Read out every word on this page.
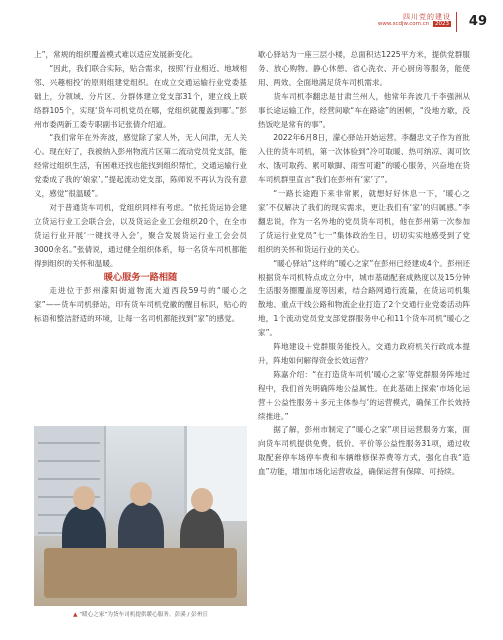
四川党的建设
www.scdjw.com.cn 2023 49

上”，常规的组织覆盖模式难以适应发展新变化。

“因此，我们联合实际，贴合需求，按照‘行业相近、地域相邻、兴趣相投’的原则组建党组织。在成立交通运输行业党委基础上，分领域、分片区、分群体建立党支部31个，建立线上联络群105个，实现‘货车司机党员在哪，党组织就覆盖到哪’。”彭州市委两新工委专职副书记张倩介绍道。

“我们常年在外奔波，感觉除了家人外，无人问津，无人关心。现在好了，我被纳入彭州物流片区第二流动党员党支部，能经常过组织生活，有困难还找也能找到组织帮忙，交通运输行业党委成了我的‘娘家’。”提起流动党支部，陈师说不再认为没有意义，感觉“很温暖”。

对于普通货车司机，党组织同样有考虑。“依托货运协会建立货运行业工会联合会，以及货运企业工会组织20个，在全市货运行业开展‘一键找寻入会’，聚合发展货运行业工会会员3000余名。”张倩说，通过健全组织体系，每一名货车司机都能得到组织的关怀和温暖。

暖心服务一路相随

走进位于彭州濛阳街道物流大道西段59号的“暖心之家”——货车司机驿站，印有货车司机党徽的醒目标识，贴心的标语和整洁舒适的环境，让每一名司机都能找到“家”的感觉。

▲ “暖心之家”为货车司机提供暖心服务。彭溪 / 彭州宣

歇心驿站为一座三层小楼，总面积达1225平方米，提供党群服务、放心购物、静心休憩、省心洗衣、开心厨房等服务，能使用、两效、全面地满足货车司机需求。

货车司机李翻忠是甘肃兰州人，他常年奔波几千李强洲从事长途运输工作，经营间歇“车在路途”的困顿，“没地方歇，没热饭吃是常有的事”。

2022年6月8日，濛心驿站开始运营。李翻忠文子作为首批入住的货车司机，第一次体验到“冷可取暖、热可纳凉、渴可饮水、饿可取药、累可歇脚、雨雪可避”的暖心服务，兴奋地在货车司机群里直言“我们在彭州有‘家’了”。

“一路长途跑下来非常累，就想好好休息一下，‘暖心之家’不仅解决了我们的现实需求，更让我们有‘家’的归属感。”李翻忠说，作为一名外地的党员货车司机，他在彭州第一次参加了货运行业党员“七一”集体政治生日，切切实实地感受到了党组织的关怀和货运行业的关心。

“暖心驿站”这样的“暖心之家”在彭州已经建成4个。彭州还根据货车司机特点成立分中，城市基础配套成熟度以及15分钟生活服务圈覆盖度等因素，结合路网通行流量，在货运司机集散地、重点干线公路和物流企业打造了2个交通行业党委活动阵地，1个流动党员党支部党群服务中心和11个货车司机“暖心之家”。

阵地建设＋党群服务能投入，交通力政府机关行政成本提升，阵地如何解得资金长效运营？

陈嘉介绍：“在打造货车司机‘暖心之家’等党群服务阵地过程中，我们首先明确阵地公益属性。在此基础上探索‘市场化运营＋公益性服务＋多元主体参与’的运营模式，确保工作长效持续推进。”

据了解，彭州市制定了“暖心之家”项目运营服务方案，面向货车司机提供免费、低价、平价等公益性服务31项，通过收取配套停车场停车费和车辆维修保养费等方式，强化自我“造血”功能，增加市场化运营收益，确保运营有保障、可持续。
